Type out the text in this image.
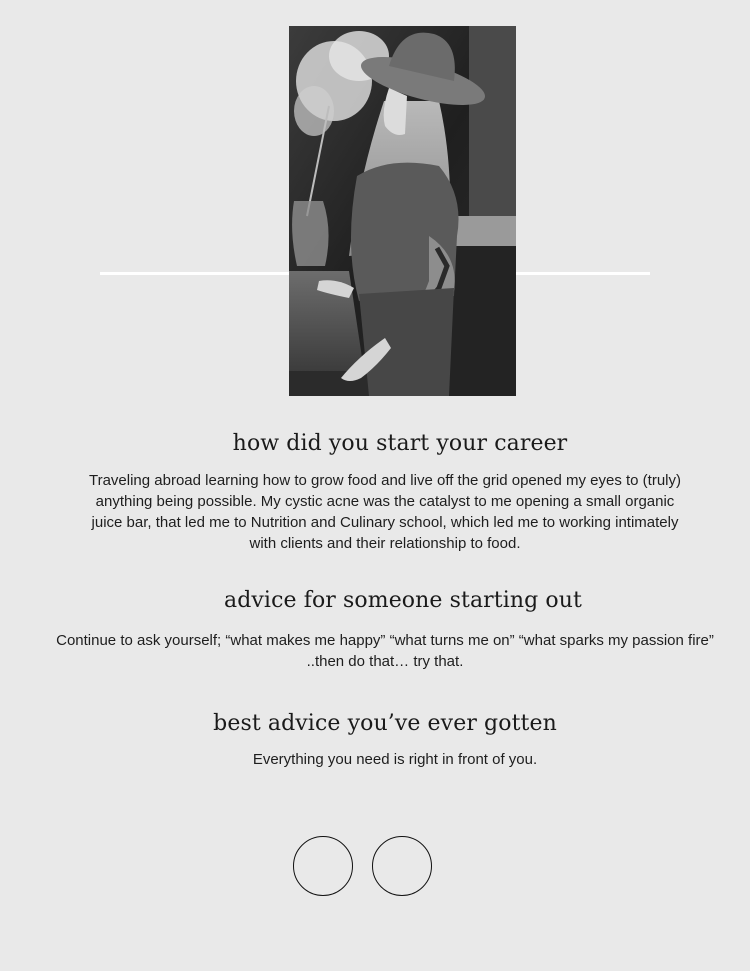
how did you start your career

Traveling abroad learning how to grow food and live off the grid opened my eyes to (truly) anything being possible. My cystic acne was the catalyst to me opening a small organic juice bar, that led me to Nutrition and Culinary school, which led me to working intimately with clients and their relationship to food.

advice for someone starting out

Continue to ask yourself; “what makes me happy” “what turns me on” “what sparks my passion fire” ..then do that… try that.

best advice you’ve ever gotten

Everything you need is right in front of you.
